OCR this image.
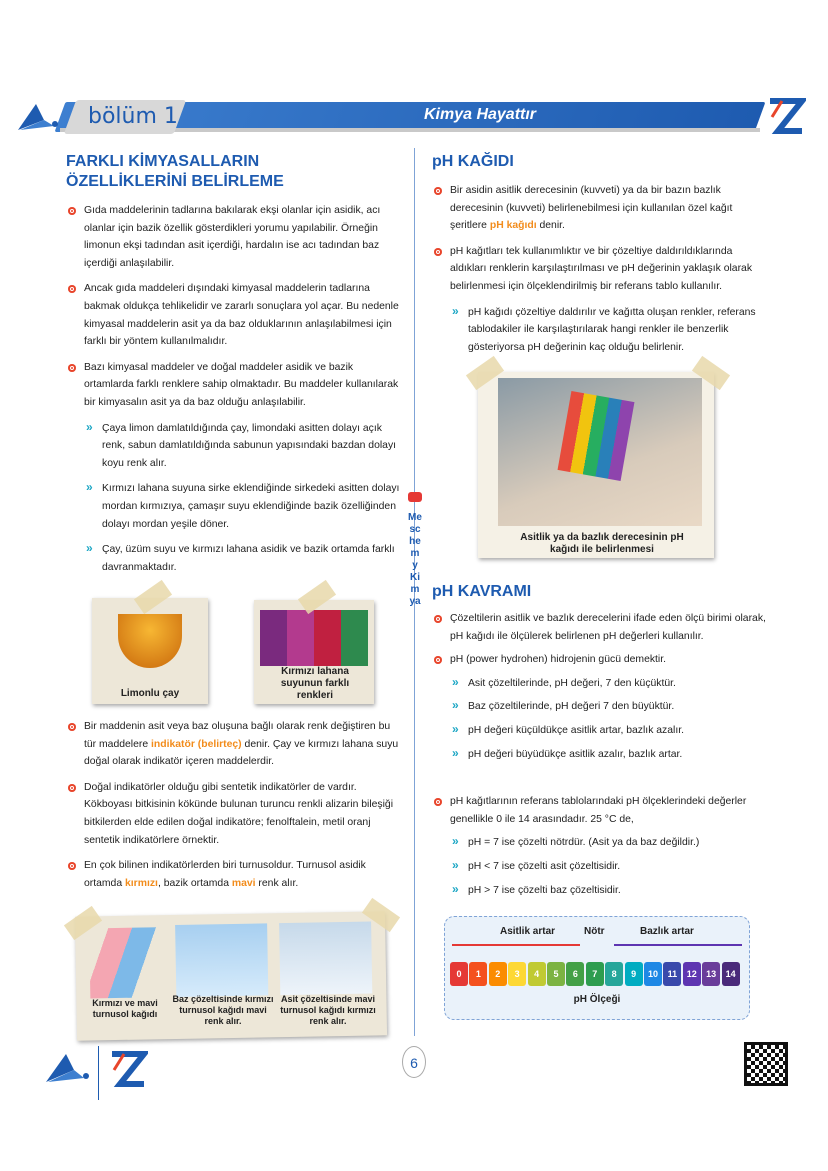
bölüm 1	Kimya Hayattır
FARKLI KİMYASALLARIN
ÖZELLİKLERİNİ BELİRLEME
Gıda maddelerinin tadlarına bakılarak ekşi olanlar için asidik, acı olanlar için bazik özellik gösterdikleri yorumu yapılabilir. Örneğin limonun ekşi tadından asit içerdiği, hardalın ise acı tadından baz içerdiği anlaşılabilir.
Ancak gıda maddeleri dışındaki kimyasal maddelerin tadlarına bakmak oldukça tehlikelidir ve zararlı sonuçlara yol açar. Bu nedenle kimyasal maddelerin asit ya da baz olduklarının anlaşılabilmesi için farklı bir yöntem kullanılmalıdır.
Bazı kimyasal maddeler ve doğal maddeler asidik ve bazik ortamlarda farklı renklere sahip olmaktadır. Bu maddeler kullanılarak bir kimyasalın asit ya da baz olduğu anlaşılabilir.
» Çaya limon damlatıldığında çay, limondaki asitten dolayı açık renk, sabun damlatıldığında sabunun yapısındaki bazdan dolayı koyu renk alır.
» Kırmızı lahana suyuna sirke eklendiğinde sirkedeki asitten dolayı mordan kırmızıya, çamaşır suyu eklendiğinde bazik özelliğinden dolayı mordan yeşile döner.
» Çay, üzüm suyu ve kırmızı lahana asidik ve bazik ortamda farklı davranmaktadır.
Limonlu çay
Kırmızı lahana suyunun farklı renkleri
Bir maddenin asit veya baz oluşuna bağlı olarak renk değiştiren bu tür maddelere indikatör (belirteç) denir. Çay ve kırmızı lahana suyu doğal olarak indikatör içeren maddelerdir.
Doğal indikatörler olduğu gibi sentetik indikatörler de vardır. Kökboyası bitkisinin kökünde bulunan turuncu renkli alizarin bileşiği bitkilerden elde edilen doğal indikatöre; fenolftalein, metil oranj sentetik indikatörlere örnektir.
En çok bilinen indikatörlerden biri turnusoldur. Turnusol asidik ortamda kırmızı, bazik ortamda mavi renk alır.
Kırmızı ve mavi turnusol kağıdı
Baz çözeltisinde kırmızı turnusol kağıdı mavi renk alır.
Asit çözeltisinde mavi turnusol kağıdı kırmızı renk alır.
Meschemy Kimya
pH KAĞIDI
Bir asidin asitlik derecesinin (kuvveti) ya da bir bazın bazlık derecesinin (kuvveti) belirlenebilmesi için kullanılan özel kağıt şeritlere pH kağıdı denir.
pH kağıtları tek kullanımlıktır ve bir çözeltiye daldırıldıklarında aldıkları renklerin karşılaştırılması ve pH değerinin yaklaşık olarak belirlenmesi için ölçeklendirilmiş bir referans tablo kullanılır.
» pH kağıdı çözeltiye daldırılır ve kağıtta oluşan renkler, referans tablodakiler ile karşılaştırılarak hangi renkler ile benzerlik gösteriyorsa pH değerinin kaç olduğu belirlenir.
Asitlik ya da bazlık derecesinin pH kağıdı ile belirlenmesi
pH KAVRAMI
Çözeltilerin asitlik ve bazlık derecelerini ifade eden ölçü birimi olarak, pH kağıdı ile ölçülerek belirlenen pH değerleri kullanılır.
pH (power hydrohen) hidrojenin gücü demektir.
» Asit çözeltilerinde, pH değeri, 7 den küçüktür.
» Baz çözeltilerinde, pH değeri 7 den büyüktür.
» pH değeri küçüldükçe asitlik artar, bazlık azalır.
» pH değeri büyüdükçe asitlik azalır, bazlık artar.
pH kağıtlarının referans tablolarındaki pH ölçeklerindeki değerler genellikle 0 ile 14 arasındadır. 25 °C de,
» pH = 7 ise çözelti nötrdür. (Asit ya da baz değildir.)
» pH < 7 ise çözelti asit çözeltisidir.
» pH > 7 ise çözelti baz çözeltisidir.
Asitlik artar	Nötr	Bazlık artar
0	1	2	3	4	5	6	7	8	9	10	11	12	13	14
pH Ölçeği
6
